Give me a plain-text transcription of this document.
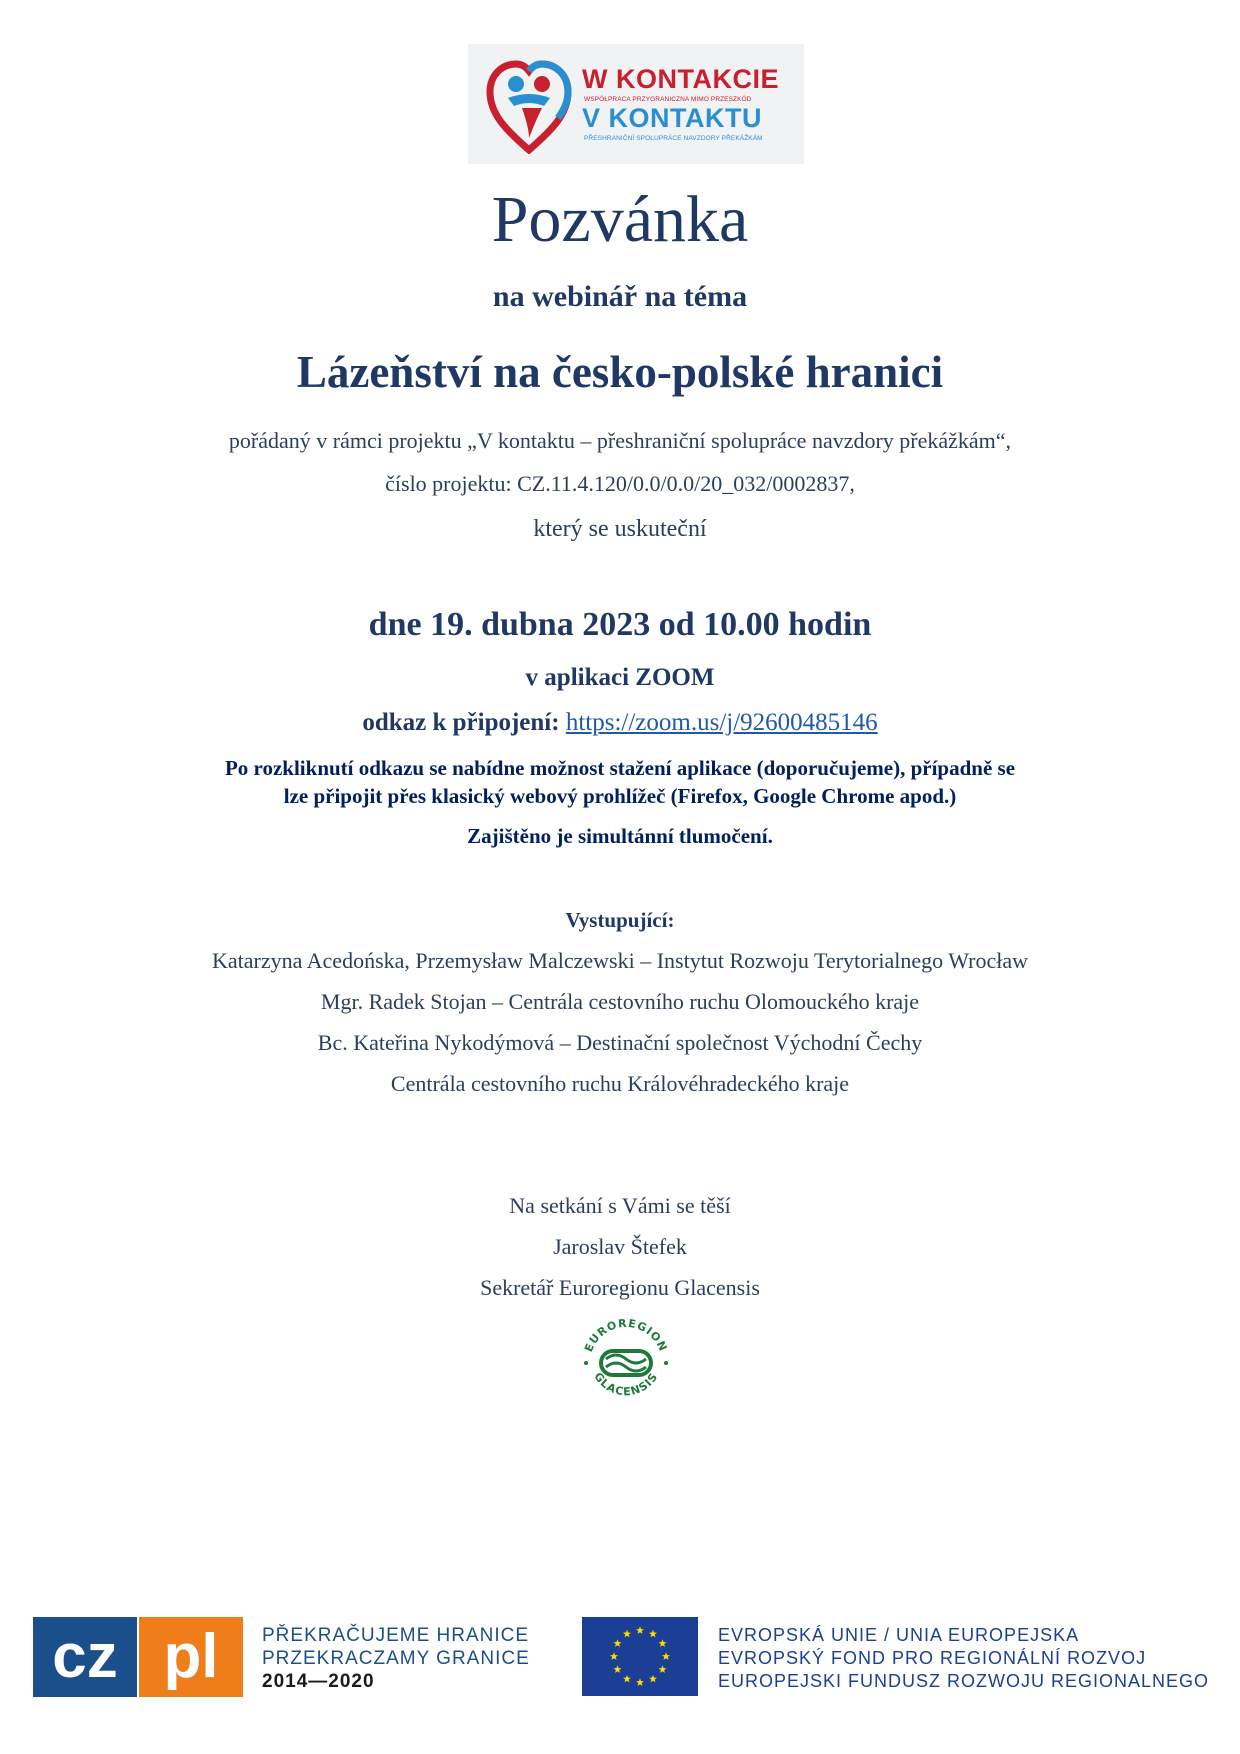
W KONTAKCIE
WSPÓŁPRACA PRZYGRANICZNA MIMO PRZESZKÓD
V KONTAKTU
PŘESHRANIČNÍ SPOLUPRÁCE NAVZDORY PŘEKÁŽKÁM
Pozvánka
na webinář na téma
Lázeňství na česko-polské hranici
pořádaný v rámci projektu „V kontaktu – přeshraniční spolupráce navzdory překážkám“,
číslo projektu: CZ.11.4.120/0.0/0.0/20_032/0002837,
který se uskuteční
dne 19. dubna 2023 od 10.00 hodin
v aplikaci ZOOM
odkaz k připojení: https://zoom.us/j/92600485146
Po rozkliknutí odkazu se nabídne možnost stažení aplikace (doporučujeme), případně se
lze připojit přes klasický webový prohlížeč (Firefox, Google Chrome apod.)
Zajištěno je simultánní tlumočení.
Vystupující:
Katarzyna Acedońska, Przemysław Malczewski – Instytut Rozwoju Terytorialnego Wrocław
Mgr. Radek Stojan – Centrála cestovního ruchu Olomouckého kraje
Bc. Kateřina Nykodýmová – Destinační společnost Východní Čechy
Centrála cestovního ruchu Královéhradeckého kraje
Na setkání s Vámi se těší
Jaroslav Štefek
Sekretář Euroregionu Glacensis
EUROREGION
GLACENSIS
cz pl	PŘEKRAČUJEME HRANICE
PRZEKRACZAMY GRANICE
2014—2020
EVROPSKÁ UNIE / UNIA EUROPEJSKA
EVROPSKÝ FOND PRO REGIONÁLNÍ ROZVOJ
EUROPEJSKI FUNDUSZ ROZWOJU REGIONALNEGO
